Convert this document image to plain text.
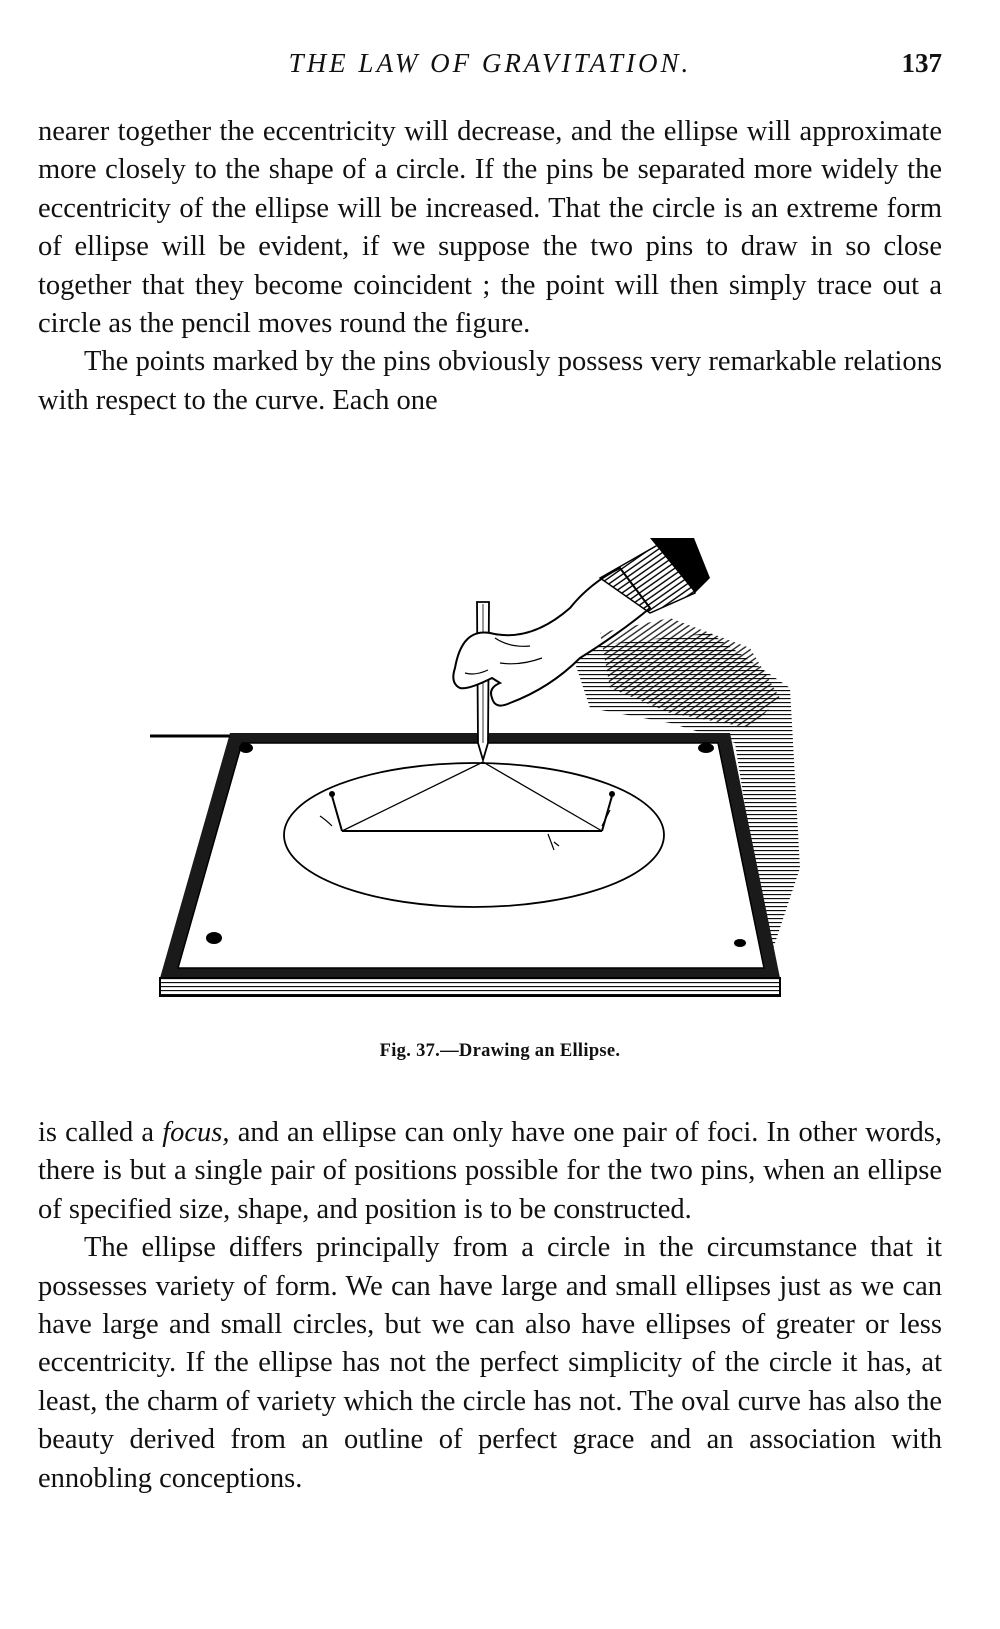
THE LAW OF GRAVITATION.	137

nearer together the eccentricity will decrease, and the ellipse will approximate more closely to the shape of a circle. If the pins be separated more widely the eccentricity of the ellipse will be increased. That the circle is an extreme form of ellipse will be evident, if we suppose the two pins to draw in so close together that they become coincident ; the point will then simply trace out a circle as the pencil moves round the figure.

The points marked by the pins obviously possess very remarkable relations with respect to the curve. Each one

Fig. 37.—Drawing an Ellipse.

is called a focus, and an ellipse can only have one pair of foci. In other words, there is but a single pair of positions possible for the two pins, when an ellipse of specified size, shape, and position is to be constructed.

The ellipse differs principally from a circle in the circumstance that it possesses variety of form. We can have large and small ellipses just as we can have large and small circles, but we can also have ellipses of greater or less eccentricity. If the ellipse has not the perfect simplicity of the circle it has, at least, the charm of variety which the circle has not. The oval curve has also the beauty derived from an outline of perfect grace and an association with ennobling conceptions.
